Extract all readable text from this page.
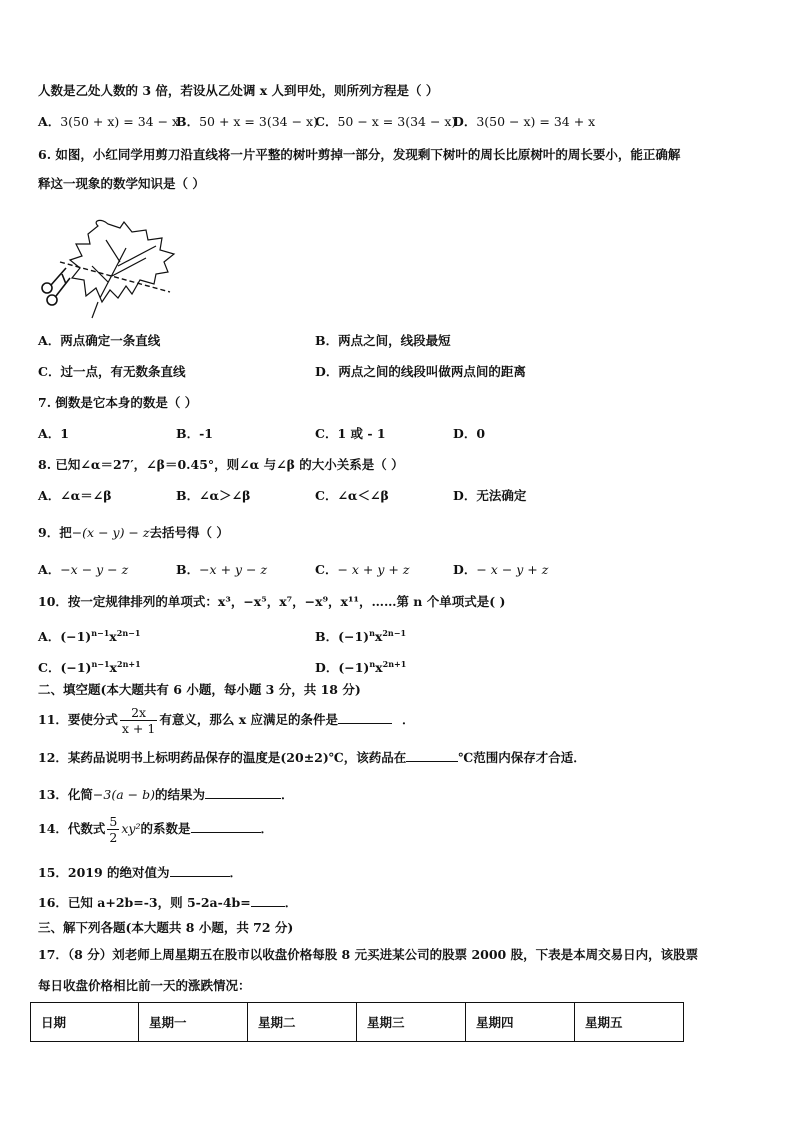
人数是乙处人数的 3 倍，若设从乙处调 x 人到甲处，则所列方程是（ ）
A．3(50 + x) = 34 − x
B．50 + x = 3(34 − x)
C．50 − x = 3(34 − x)
D．3(50 − x) = 34 + x
6. 如图，小红同学用剪刀沿直线将一片平整的树叶剪掉一部分，发现剩下树叶的周长比原树叶的周长要小，能正确解
释这一现象的数学知识是（ ）
A．两点确定一条直线	B．两点之间，线段最短
C．过一点，有无数条直线	D．两点之间的线段叫做两点间的距离
7. 倒数是它本身的数是（ ）
A．1	B．-1	C．1 或 - 1	D．0
8. 已知∠α＝27′，∠β＝0.45°，则∠α 与∠β 的大小关系是（ ）
A．∠α＝∠β	B．∠α＞∠β	C．∠α＜∠β	D．无法确定
9．把−(x − y) − z去括号得（ ）
A．−x − y − z	B．−x + y − z	C．− x + y + z	D．− x − y + z
10．按一定规律排列的单项式：x³，−x⁵，x⁷，−x⁹，x¹¹，……第 n 个单项式是( )
A．$(-1)^{n-1}x^{2n-1}$	B．$(-1)^nx^{2n-1}$
C．$(-1)^{n-1}x^{2n+1}$	D．$(-1)^nx^{2n+1}$
二、填空题(本大题共有 6 小题，每小题 3 分，共 18 分)
11．要使分式 $\frac{2x}{x + 1}$ 有意义，那么 x 应满足的条件是	．
12．某药品说明书上标明药品保存的温度是(20±2)℃，该药品在	℃范围内保存才合适．
13．化简−3(a − b)的结果为	．
14．代数式 $\frac{5}{2} xy^2$的系数是	．
15．2019 的绝对值为	．
16．已知 a+2b=-3，则 5-2a-4b=	．
三、解下列各题(本大题共 8 小题，共 72 分)
17．（8 分）刘老师上周星期五在股市以收盘价格每股 8 元买进某公司的股票 2000 股，下表是本周交易日内，该股票
每日收盘价格相比前一天的涨跌情况：
日期	星期一	星期二	星期三	星期四	星期五
